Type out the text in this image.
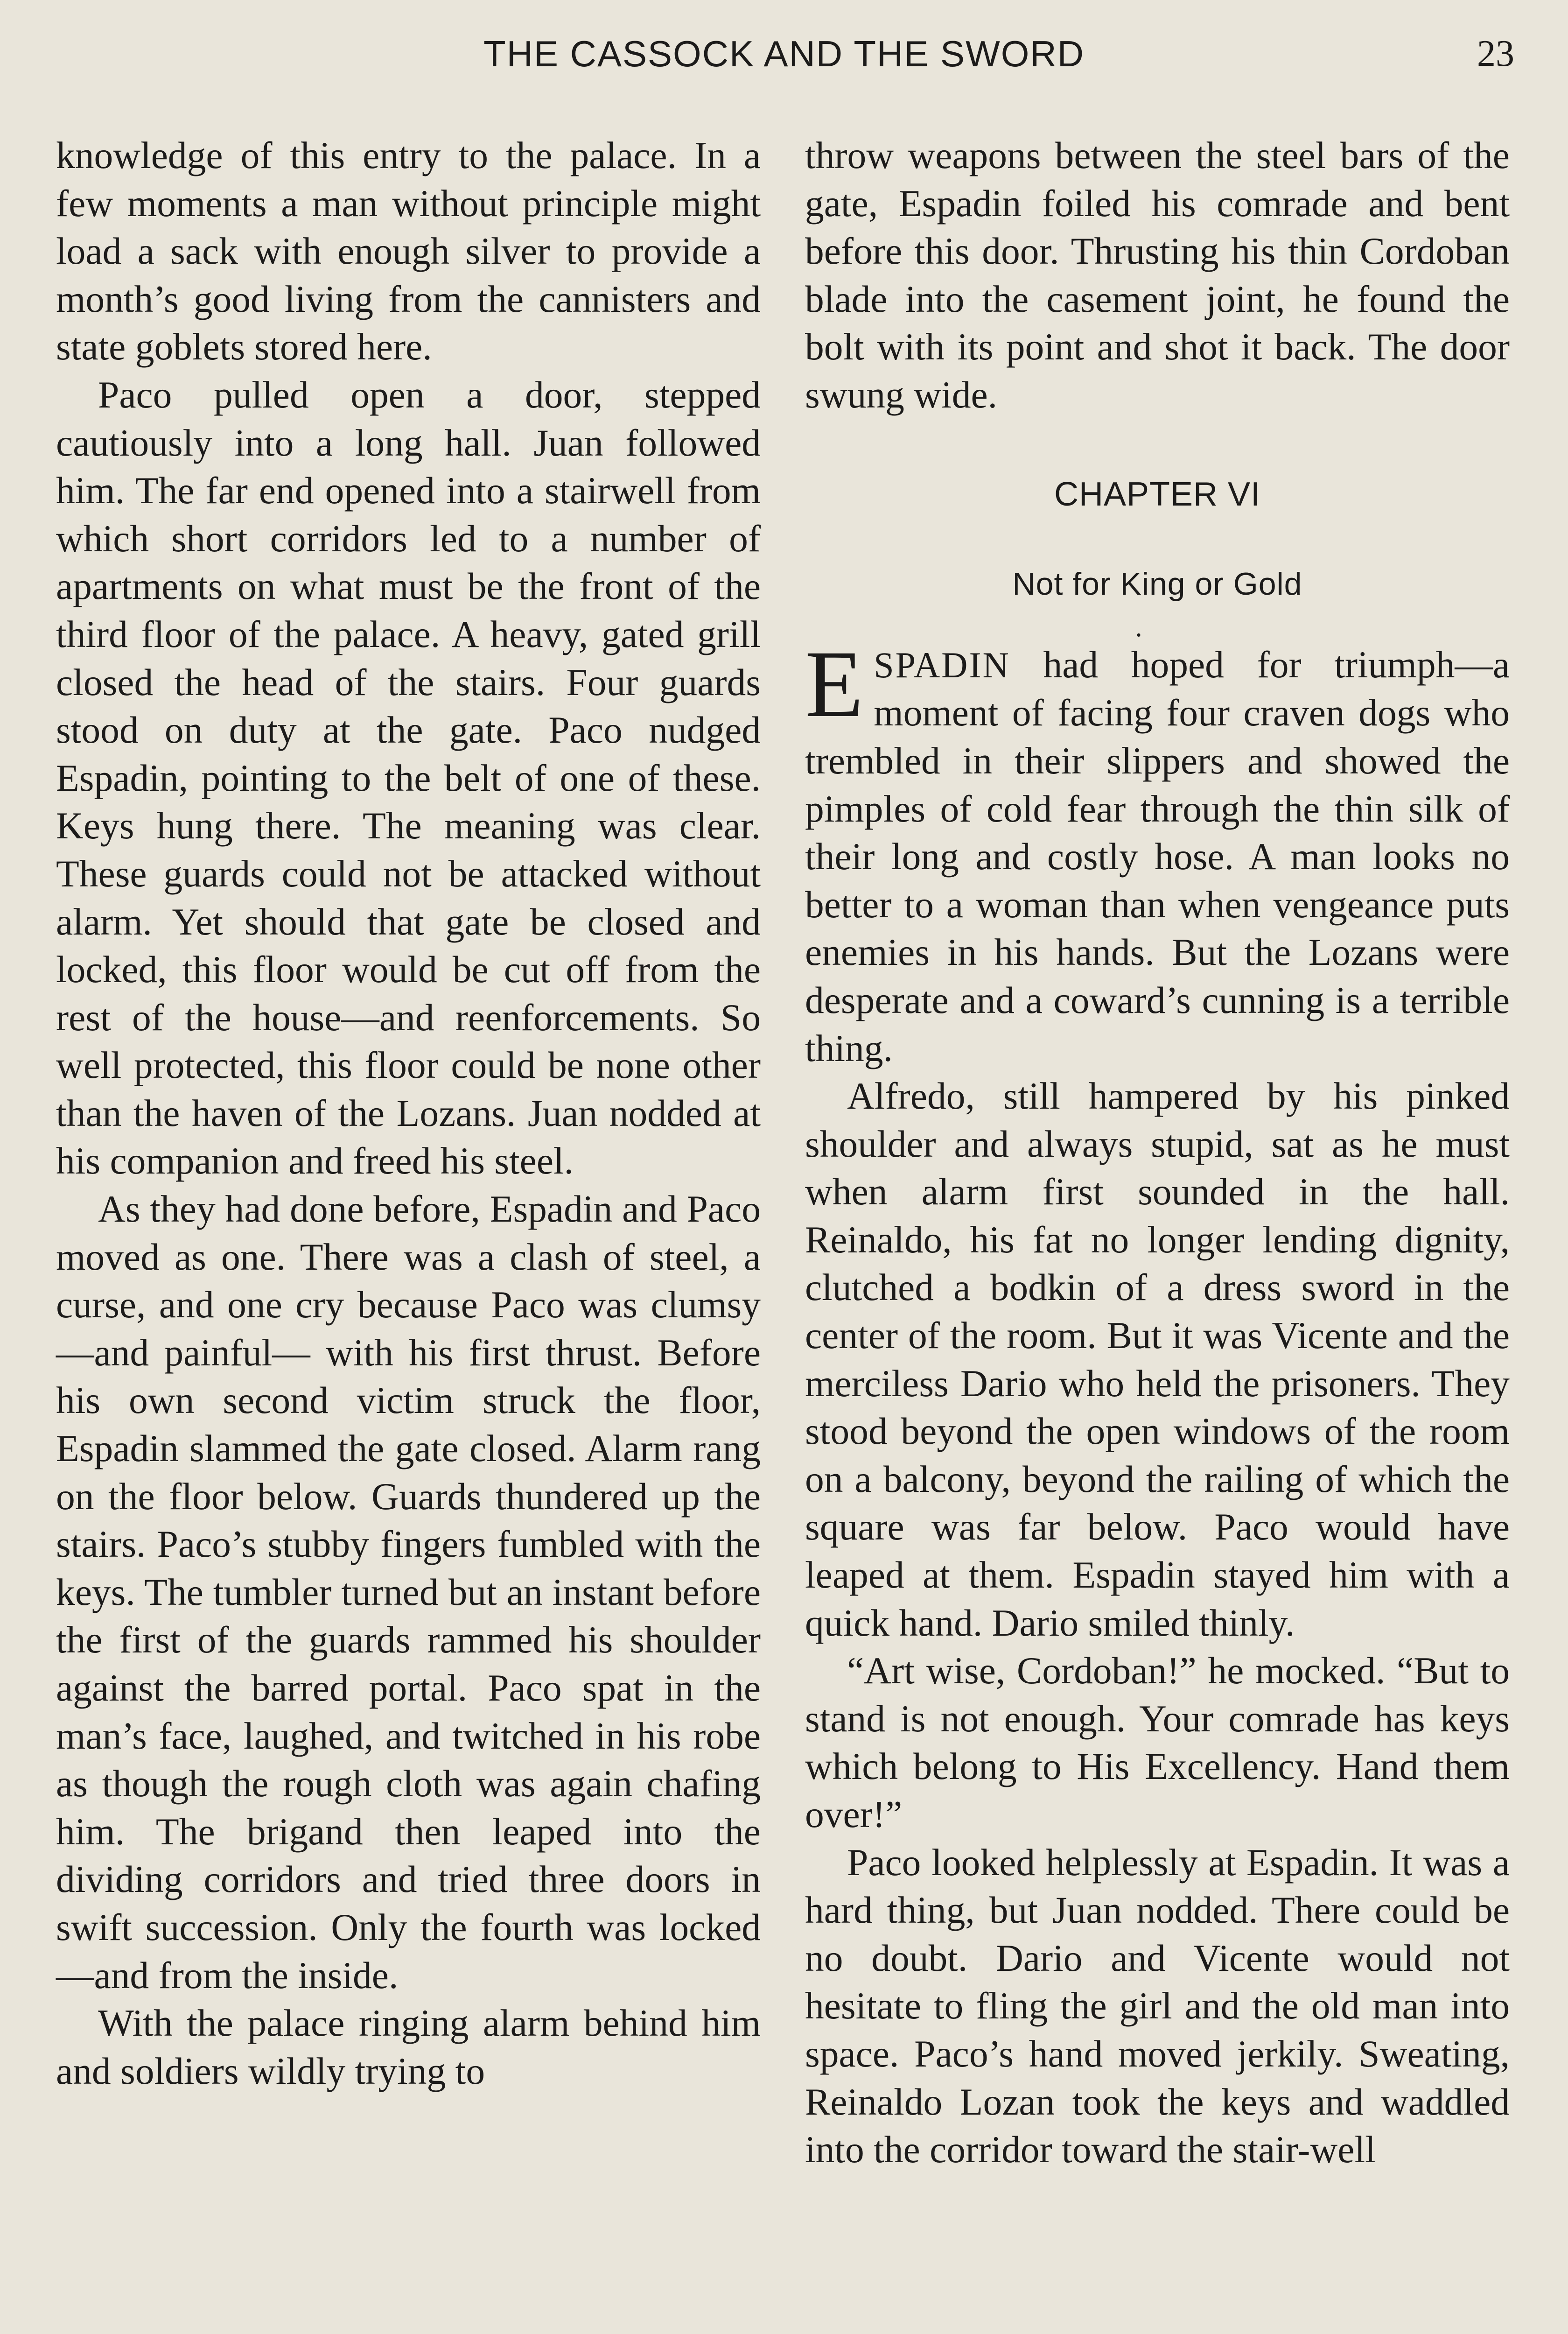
THE CASSOCK AND THE SWORD	23

knowledge of this entry to the palace. In a few moments a man without principle might load a sack with enough silver to provide a month’s good living from the cannisters and state goblets stored here.

Paco pulled open a door, stepped cautiously into a long hall. Juan followed him. The far end opened into a stairwell from which short corridors led to a number of apartments on what must be the front of the third floor of the palace. A heavy, gated grill closed the head of the stairs. Four guards stood on duty at the gate. Paco nudged Espadin, pointing to the belt of one of these. Keys hung there. The meaning was clear. These guards could not be attacked without alarm. Yet should that gate be closed and locked, this floor would be cut off from the rest of the house—and reenforcements. So well protected, this floor could be none other than the haven of the Lozans. Juan nodded at his companion and freed his steel.

As they had done before, Espadin and Paco moved as one. There was a clash of steel, a curse, and one cry because Paco was clumsy—and painful— with his first thrust. Before his own second victim struck the floor, Espadin slammed the gate closed. Alarm rang on the floor below. Guards thundered up the stairs. Paco’s stubby fingers fumbled with the keys. The tumbler turned but an instant before the first of the guards rammed his shoulder against the barred portal. Paco spat in the man’s face, laughed, and twitched in his robe as though the rough cloth was again chafing him. The brigand then leaped into the dividing corridors and tried three doors in swift succession. Only the fourth was locked—and from the inside.

With the palace ringing alarm behind him and soldiers wildly trying to

throw weapons between the steel bars of the gate, Espadin foiled his comrade and bent before this door. Thrusting his thin Cordoban blade into the casement joint, he found the bolt with its point and shot it back. The door swung wide.

CHAPTER VI
Not for King or Gold
.

ESPADIN had hoped for triumph—a moment of facing four craven dogs who trembled in their slippers and showed the pimples of cold fear through the thin silk of their long and costly hose. A man looks no better to a woman than when vengeance puts enemies in his hands. But the Lozans were desperate and a coward’s cunning is a terrible thing.

Alfredo, still hampered by his pinked shoulder and always stupid, sat as he must when alarm first sounded in the hall. Reinaldo, his fat no longer lending dignity, clutched a bodkin of a dress sword in the center of the room. But it was Vicente and the merciless Dario who held the prisoners. They stood beyond the open windows of the room on a balcony, beyond the railing of which the square was far below. Paco would have leaped at them. Espadin stayed him with a quick hand. Dario smiled thinly.

“Art wise, Cordoban!” he mocked. “But to stand is not enough. Your comrade has keys which belong to His Excellency. Hand them over!”

Paco looked helplessly at Espadin. It was a hard thing, but Juan nodded. There could be no doubt. Dario and Vicente would not hesitate to fling the girl and the old man into space. Paco’s hand moved jerkily. Sweating, Reinaldo Lozan took the keys and waddled into the corridor toward the stair-well
